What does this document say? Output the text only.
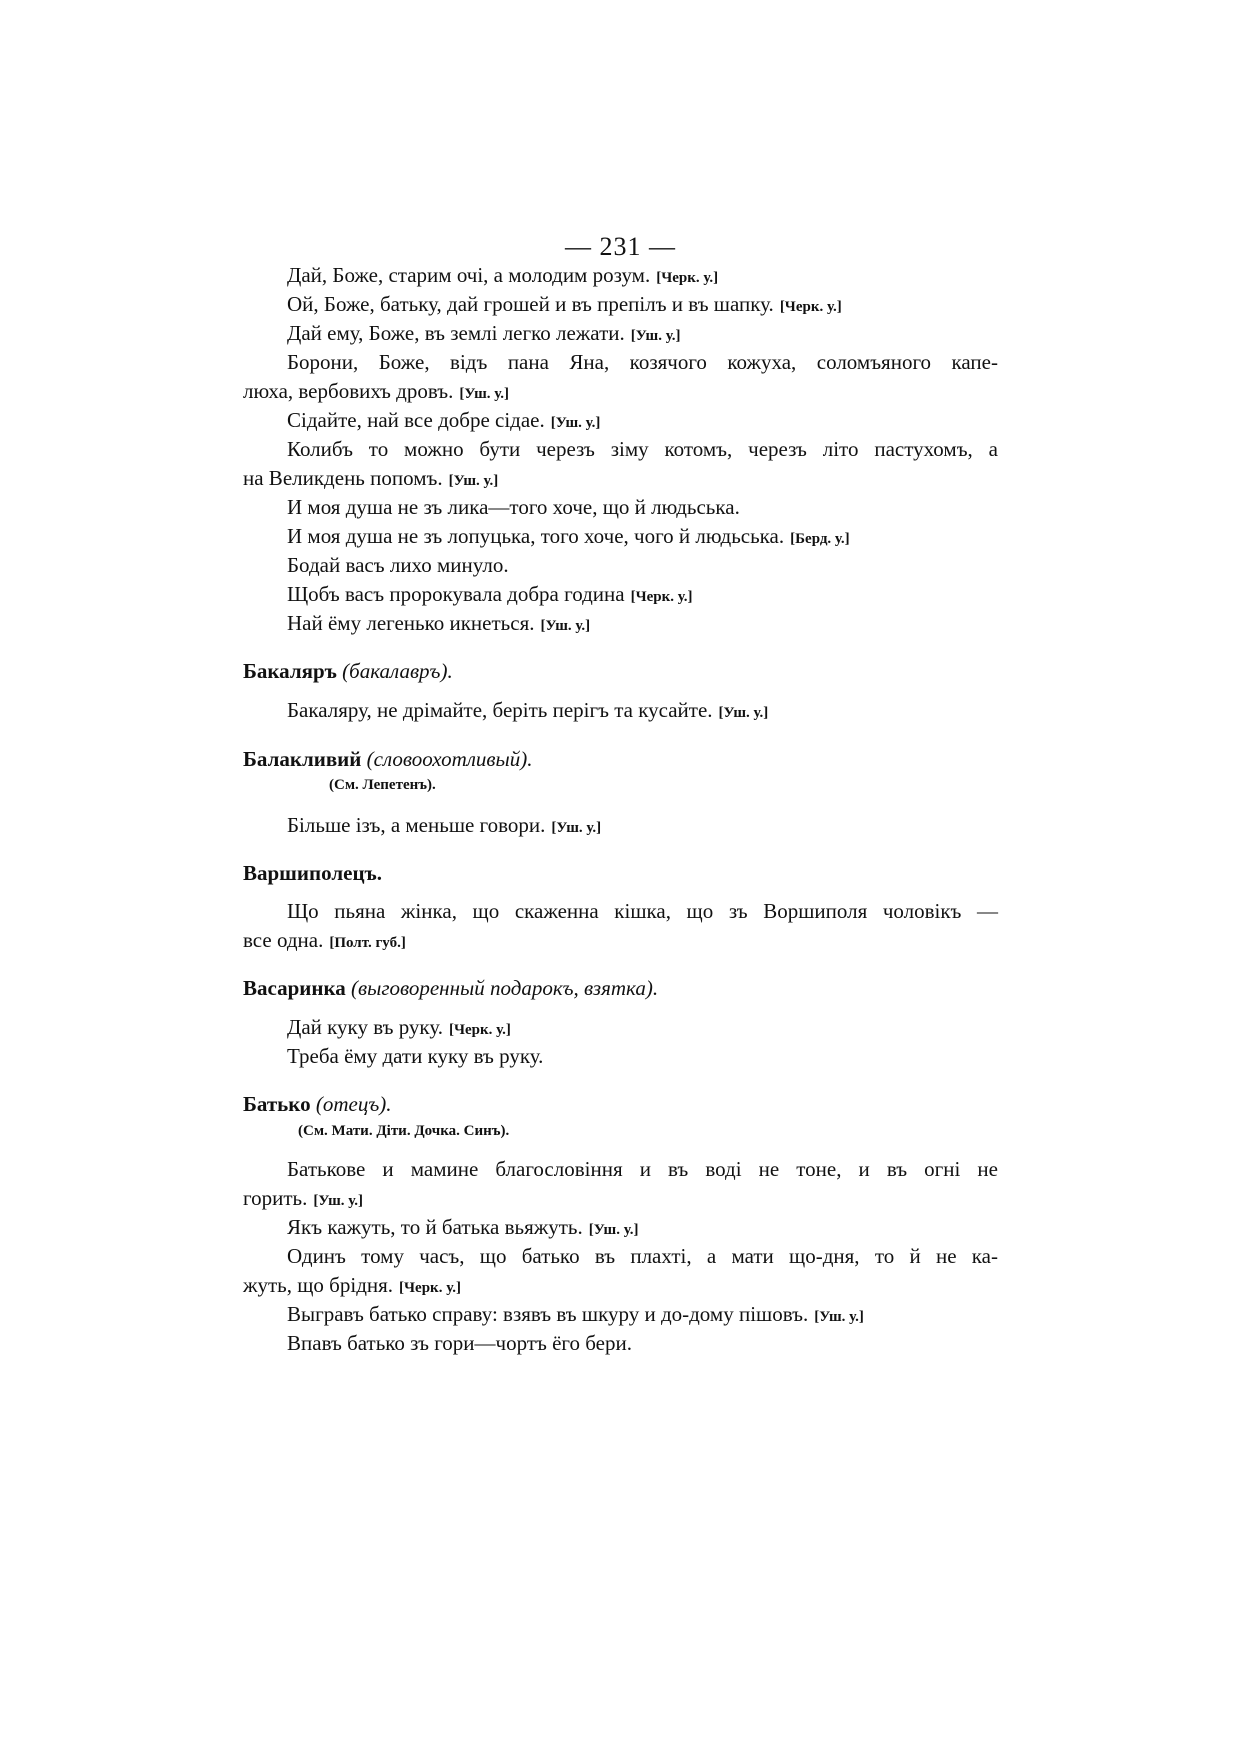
— 231 —
Дай, Боже, старим очі, а молодим розум. [Черк. у.]
Ой, Боже, батьку, дай грошей и въ препілъ и въ шапку. [Черк. у.]
Дай ему, Боже, въ землі легко лежати. [Уш. у.]
Борони, Боже, відъ пана Яна, козячого кожуха, соломъяного капе-
люха, вербовихъ дровъ. [Уш. у.]
Сідайте, най все добре сідае. [Уш. у.]
Колибъ то можно бути черезъ зіму котомъ, черезъ літо пастухомъ, а
на Великдень попомъ. [Уш. у.]
И моя душа не зъ лика—того хоче, що й людьська.
И моя душа не зъ лопуцька, того хоче, чого й людьська. [Берд. у.]
Бодай васъ лихо минуло.
Щобъ васъ пророкувала добра година [Черк. у.]
Най ёму легенько икнеться. [Уш. у.]
Бакаляръ (бакалавръ).
Бакаляру, не дрімайте, беріть перігъ та кусайте. [Уш. у.]
Балакливий (словоохотливый).
(См. Лепетенъ).
Більше ізъ, а меньше говори. [Уш. у.]
Варшиполецъ.
Що пьяна жінка, що скаженна кішка, що зъ Воршиполя чоловікъ —
все одна. [Полт. губ.]
Васаринка (выговоренный подарокъ, взятка).
Дай куку въ руку. [Черк. у.]
Треба ёму дати куку въ руку.
Батько (отецъ).
(См. Мати. Діти. Дочка. Синъ).
Батькове и мамине благословіння и въ воді не тоне, и въ огні не
горить. [Уш. у.]
Якъ кажуть, то й батька вьяжуть. [Уш. у.]
Одинъ тому часъ, що батько въ плахті, а мати що-дня, то й не ка-
жуть, що брідня. [Черк. у.]
Выгравъ батько справу: взявъ въ шкуру и до-дому пішовъ. [Уш. у.]
Впавъ батько зъ гори—чортъ ёго бери.
